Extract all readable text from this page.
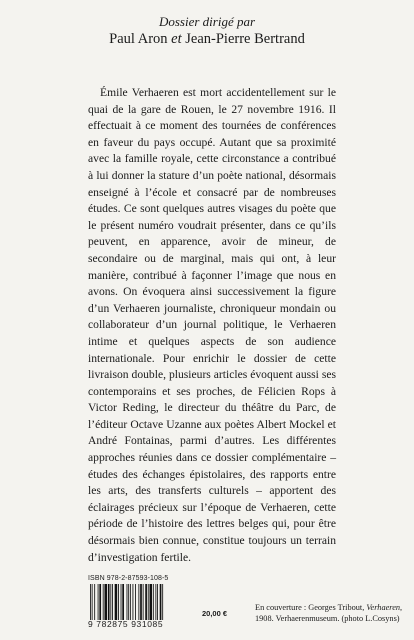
Dossier dirigé par
Paul Aron et Jean-Pierre Bertrand

Émile Verhaeren est mort accidentellement sur le quai de la gare de Rouen, le 27 novembre 1916. Il effectuait à ce moment des tournées de conférences en faveur du pays occupé. Autant que sa proximité avec la famille royale, cette circonstance a contribué à lui donner la stature d’un poète national, désormais enseigné à l’école et consacré par de nombreuses études. Ce sont quelques autres visages du poète que le présent numéro voudrait présenter, dans ce qu’ils peuvent, en apparence, avoir de mineur, de secondaire ou de marginal, mais qui ont, à leur manière, contribué à façonner l’image que nous en avons. On évoquera ainsi successivement la figure d’un Verhaeren journaliste, chroniqueur mondain ou collaborateur d’un journal politique, le Verhaeren intime et quelques aspects de son audience internationale. Pour enrichir le dossier de cette livraison double, plusieurs articles évoquent aussi ses contemporains et ses proches, de Félicien Rops à Victor Reding, le directeur du théâtre du Parc, de l’éditeur Octave Uzanne aux poètes Albert Mockel et André Fontainas, parmi d’autres. Les différentes approches réunies dans ce dossier complémentaire – études des échanges épistolaires, des rapports entre les arts, des transferts culturels – apportent des éclairages précieux sur l’époque de Verhaeren, cette période de l’histoire des lettres belges qui, pour être désormais bien connue, constitue toujours un terrain d’investigation fertile.

ISBN 978-2-87593-108-5
20,00 €
9 782875 931085
En couverture : Georges Tribout, Verhaeren, 1908. Verhaerenmuseum. (photo L.Cosyns)
